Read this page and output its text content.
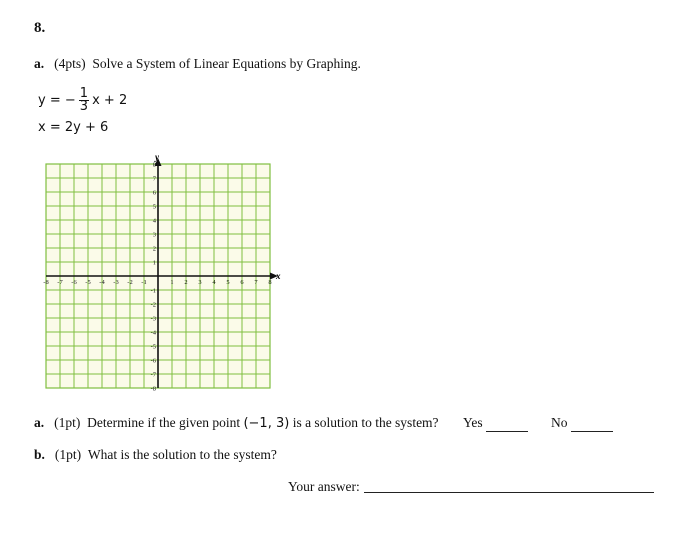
8.
a. (4pts) Solve a System of Linear Equations by Graphing.
y = − $\frac{1}{3}$ x + 2
x = 2y + 6
x
y
-8 -7 -6 -5 -4 -3 -2 -1	1 2 3 4 5 6 7 8
8
7
6
5
4
3
2
1
-1
-2
-3
-4
-5
-6
-7
-8
a. (1pt) Determine if the given point (−1, 3) is a solution to the system? Yes	No
b. (1pt) What is the solution to the system?
Your answer:
